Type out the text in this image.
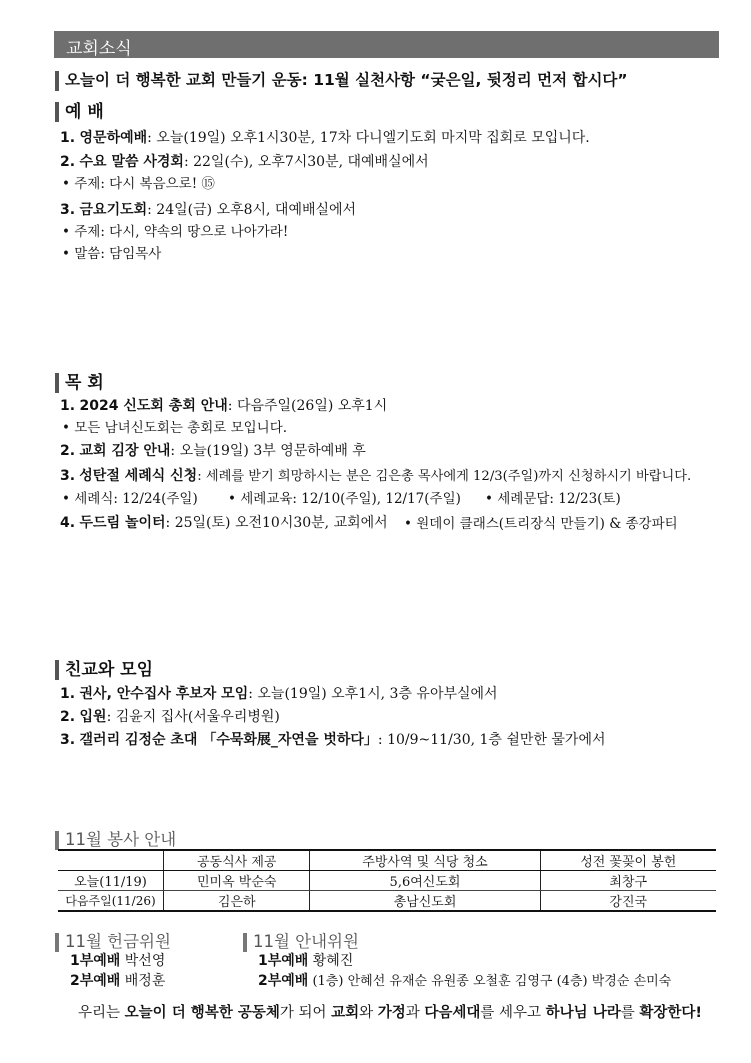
교회소식
오늘이 더 행복한 교회 만들기 운동: 11월 실천사항 “궂은일, 뒷정리 먼저 합시다”
예 배
1. 영문하예배: 오늘(19일) 오후1시30분, 17차 다니엘기도회 마지막 집회로 모입니다.
2. 수요 말씀 사경회: 22일(수), 오후7시30분, 대예배실에서
• 주제: 다시 복음으로! ⑮
3. 금요기도회: 24일(금) 오후8시, 대예배실에서
• 주제: 다시, 약속의 땅으로 나아가라!
• 말씀: 담임목사
목 회
1. 2024 신도회 총회 안내: 다음주일(26일) 오후1시
• 모든 남녀신도회는 총회로 모입니다.
2. 교회 김장 안내: 오늘(19일) 3부 영문하예배 후
3. 성탄절 세례식 신청: 세례를 받기 희망하시는 분은 김은총 목사에게 12/3(주일)까지 신청하시기 바랍니다.
• 세례식: 12/24(주일) • 세례교육: 12/10(주일), 12/17(주일) • 세례문답: 12/23(토)
4. 두드림 놀이터: 25일(토) 오전10시30분, 교회에서 • 원데이 클래스(트리장식 만들기) & 종강파티
친교와 모임
1. 권사, 안수집사 후보자 모임: 오늘(19일) 오후1시, 3층 유아부실에서
2. 입원: 김윤지 집사(서울우리병원)
3. 갤러리 김정순 초대 「수묵화展_자연을 벗하다」: 10/9~11/30, 1층 쉴만한 물가에서
11월 봉사 안내
	공동식사 제공	주방사역 및 식당 청소	성전 꽃꽂이 봉헌
오늘(11/19)	민미옥 박순숙	5,6여신도회	최창구
다음주일(11/26)	김은하	총남신도회	강진국
11월 헌금위원
1부예배 박선영
2부예배 배정훈
11월 안내위원
1부예배 황혜진
2부예배 (1층) 안혜선 유재순 유원종 오철훈 김영구 (4층) 박경순 손미숙
우리는 오늘이 더 행복한 공동체가 되어 교회와 가정과 다음세대를 세우고 하나님 나라를 확장한다!
